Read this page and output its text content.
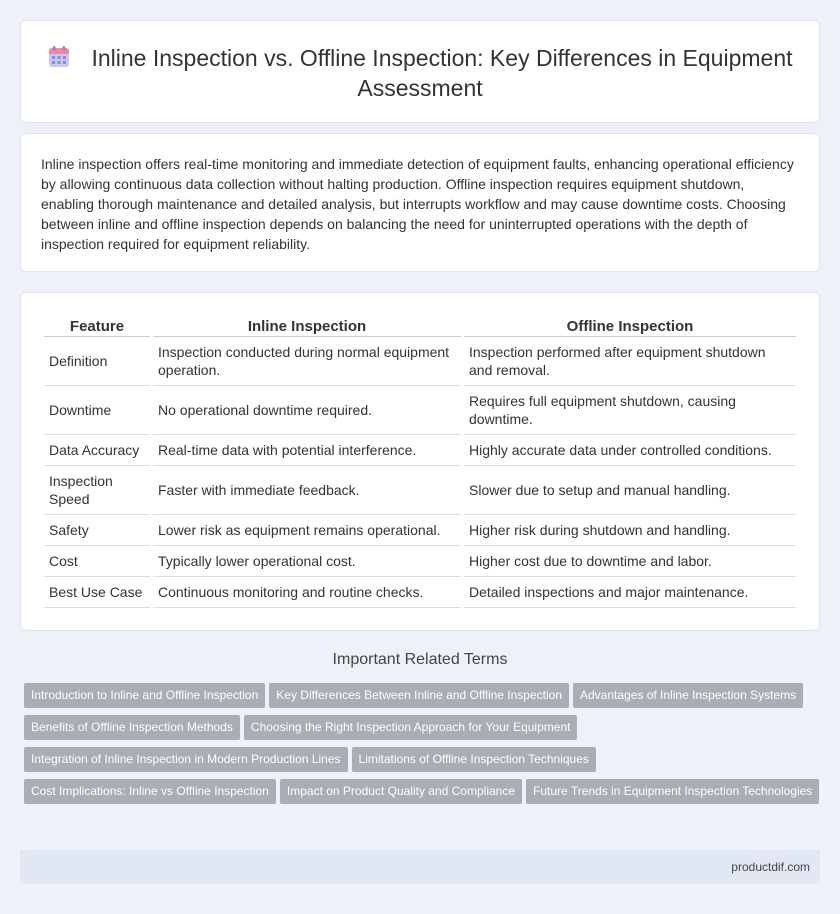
Inline Inspection vs. Offline Inspection: Key Differences in Equipment Assessment

Inline inspection offers real-time monitoring and immediate detection of equipment faults, enhancing operational efficiency by allowing continuous data collection without halting production. Offline inspection requires equipment shutdown, enabling thorough maintenance and detailed analysis, but interrupts workflow and may cause downtime costs. Choosing between inline and offline inspection depends on balancing the need for uninterrupted operations with the depth of inspection required for equipment reliability.

Feature	Inline Inspection	Offline Inspection
Definition	Inspection conducted during normal equipment operation.	Inspection performed after equipment shutdown and removal.
Downtime	No operational downtime required.	Requires full equipment shutdown, causing downtime.
Data Accuracy	Real-time data with potential interference.	Highly accurate data under controlled conditions.
Inspection Speed	Faster with immediate feedback.	Slower due to setup and manual handling.
Safety	Lower risk as equipment remains operational.	Higher risk during shutdown and handling.
Cost	Typically lower operational cost.	Higher cost due to downtime and labor.
Best Use Case	Continuous monitoring and routine checks.	Detailed inspections and major maintenance.
Important Related Terms
Introduction to Inline and Offline Inspection	Key Differences Between Inline and Offline Inspection	Advantages of Inline Inspection Systems
Benefits of Offline Inspection Methods	Choosing the Right Inspection Approach for Your Equipment
Integration of Inline Inspection in Modern Production Lines	Limitations of Offline Inspection Techniques
Cost Implications: Inline vs Offline Inspection	Impact on Product Quality and Compliance	Future Trends in Equipment Inspection Technologies
productdif.com
